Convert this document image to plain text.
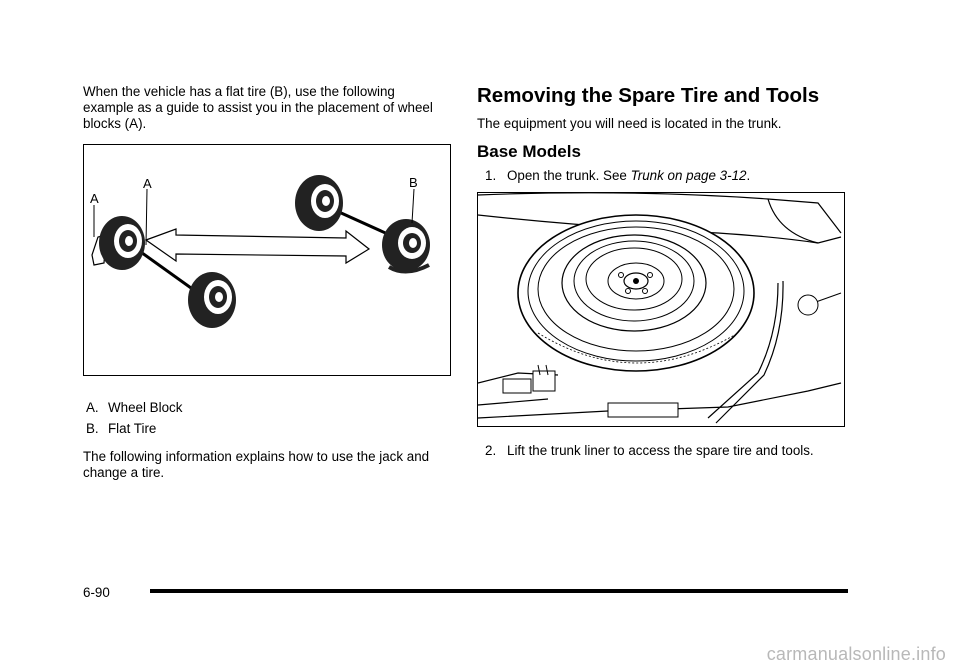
When the vehicle has a flat tire (B), use the following example as a guide to assist you in the placement of wheel blocks (A).

A
A
B
A. Wheel Block
B. Flat Tire

The following information explains how to use the jack and change a tire.

Removing the Spare Tire and Tools

The equipment you will need is located in the trunk.

Base Models

1. Open the trunk. See Trunk on page 3-12.

2. Lift the trunk liner to access the spare tire and tools.

6-90
carmanualsonline.info
